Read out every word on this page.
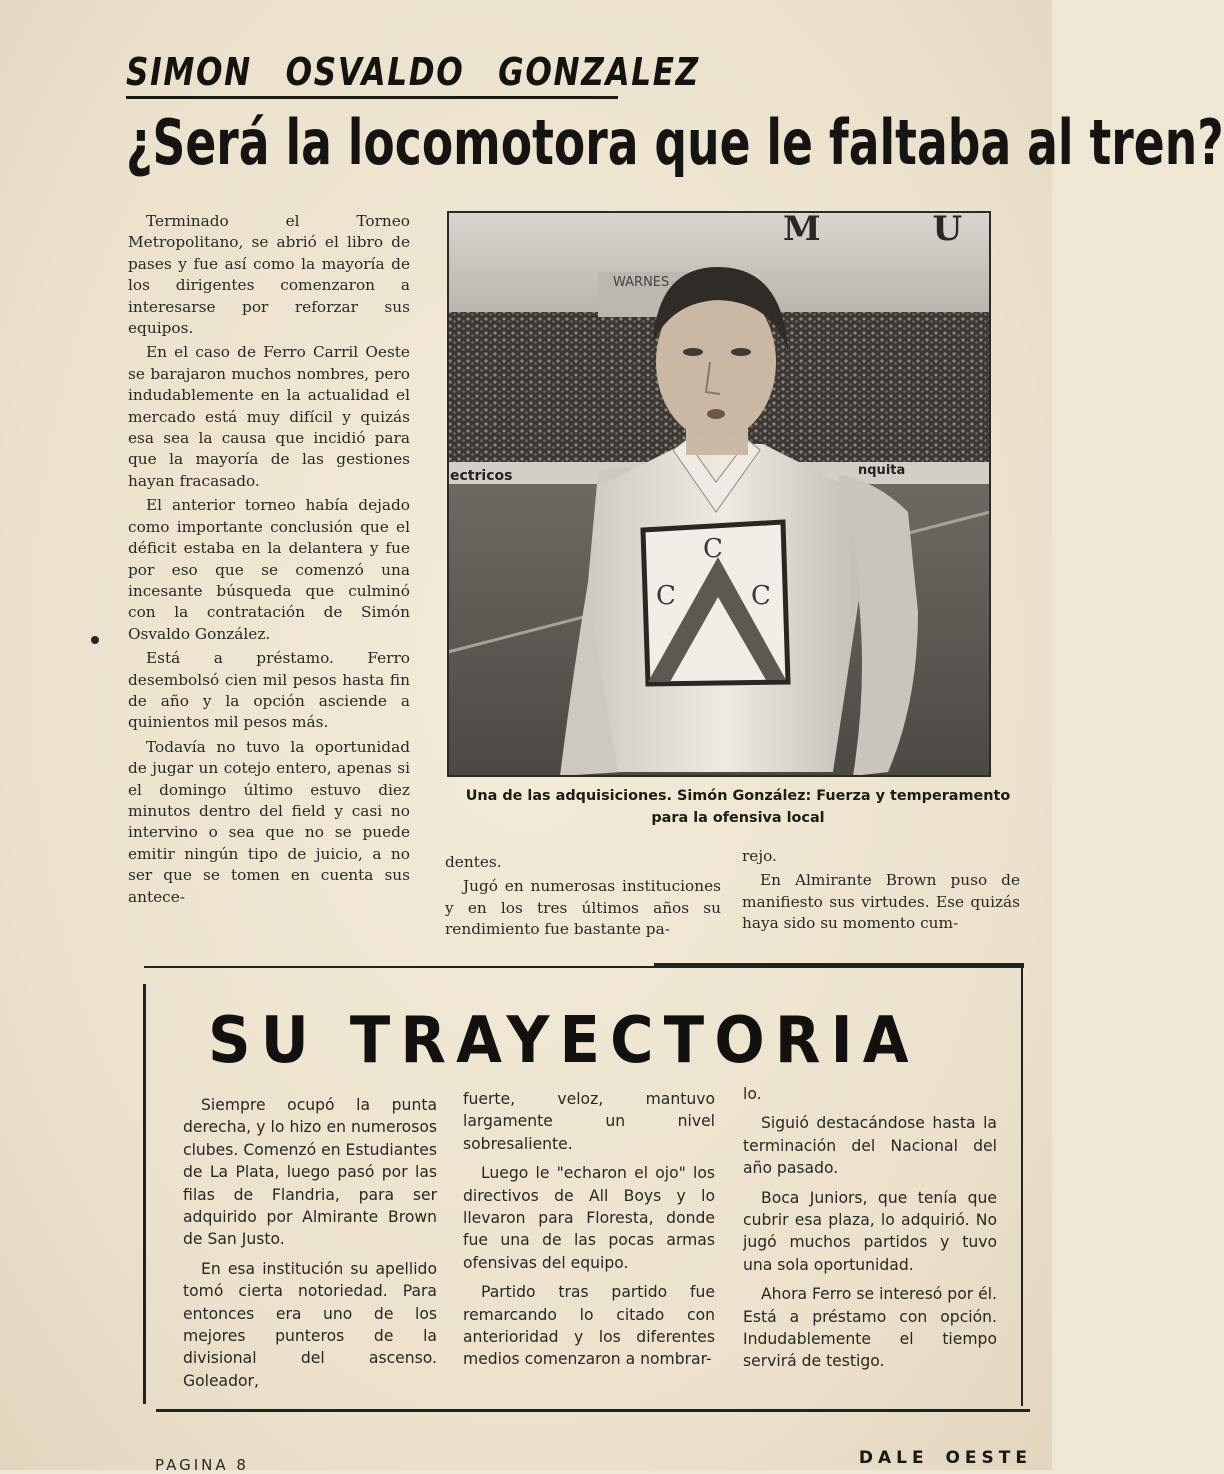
SIMON OSVALDO GONZALEZ
¿Será la locomotora que le faltaba al tren?

Terminado el Torneo Metropolitano, se abrió el libro de pases y fue así como la mayoría de los dirigentes comenzaron a interesarse por reforzar sus equipos.

En el caso de Ferro Carril Oeste se barajaron muchos nombres, pero indudablemente en la actualidad el mercado está muy difícil y quizás esa sea la causa que incidió para que la mayoría de las gestiones hayan fracasado.

El anterior torneo había dejado como importante conclusión que el déficit estaba en la delantera y fue por eso que se comenzó una incesante búsqueda que culminó con la contratación de Simón Osvaldo González.

Está a préstamo. Ferro desembolsó cien mil pesos hasta fin de año y la opción asciende a quinientos mil pesos más.

Todavía no tuvo la oportunidad de jugar un cotejo entero, apenas si el domingo último estuvo diez minutos dentro del field y casi no intervino o sea que no se puede emitir ningún tipo de juicio, a no ser que se tomen en cuenta sus antece-

WARNES
M U
ectricos	nquita
C
C	C
Una de las adquisiciones. Simón González: Fuerza y temperamento
para la ofensiva local

dentes.

Jugó en numerosas instituciones y en los tres últimos años su rendimiento fue bastante pa-

rejo.

En Almirante Brown puso de manifiesto sus virtudes. Ese quizás haya sido su momento cum-

SU TRAYECTORIA

Siempre ocupó la punta derecha, y lo hizo en numerosos clubes. Comenzó en Estudiantes de La Plata, luego pasó por las filas de Flandria, para ser adquirido por Almirante Brown de San Justo.

En esa institución su apellido tomó cierta notoriedad. Para entonces era uno de los mejores punteros de la divisional del ascenso. Goleador,

fuerte, veloz, mantuvo largamente un nivel sobresaliente.

Luego le "echaron el ojo" los directivos de All Boys y lo llevaron para Floresta, donde fue una de las pocas armas ofensivas del equipo.

Partido tras partido fue remarcando lo citado con anterioridad y los diferentes medios comenzaron a nombrar-

lo.

Siguió destacándose hasta la terminación del Nacional del año pasado.

Boca Juniors, que tenía que cubrir esa plaza, lo adquirió. No jugó muchos partidos y tuvo una sola oportunidad.

Ahora Ferro se interesó por él. Está a préstamo con opción. Indudablemente el tiempo servirá de testigo.

PAGINA 8	DALE OESTE
